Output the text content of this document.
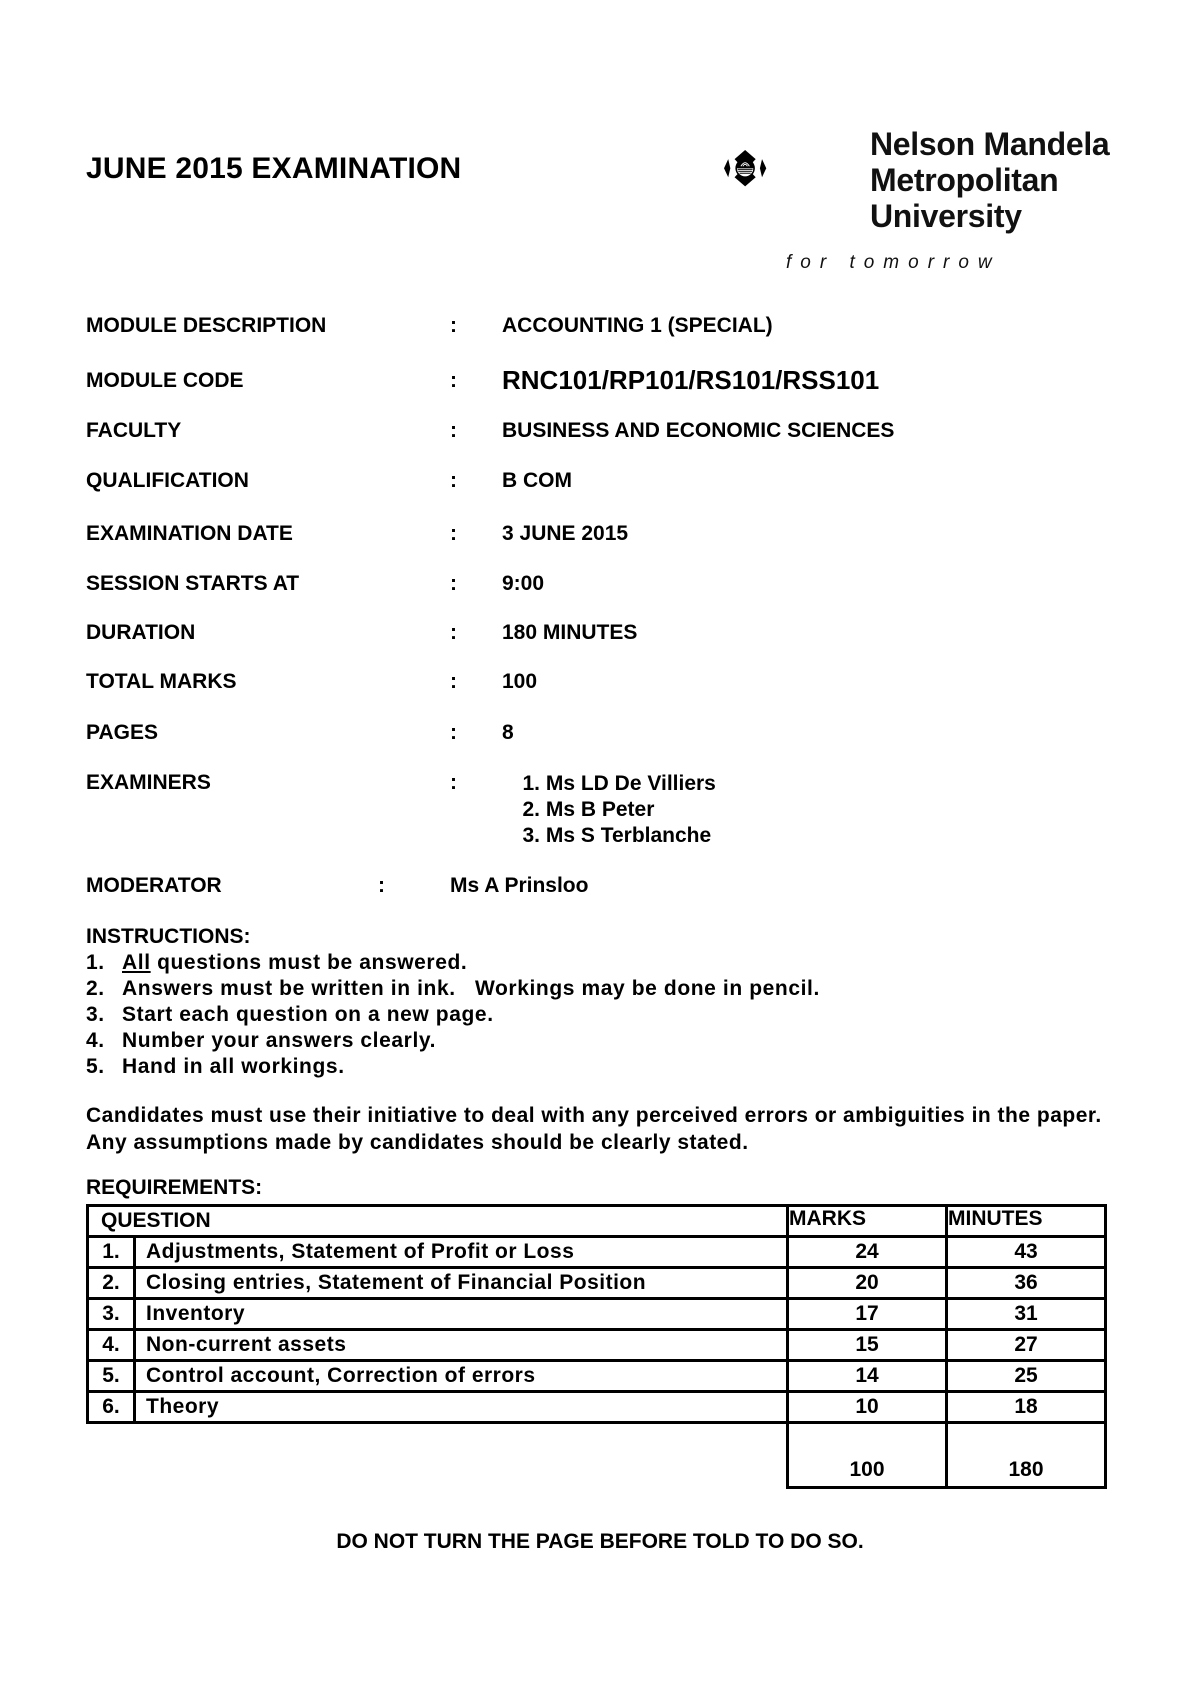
JUNE 2015 EXAMINATION
Nelson Mandela
Metropolitan
University
for tomorrow
MODULE DESCRIPTION	: ACCOUNTING 1 (SPECIAL)
MODULE CODE	: RNC101/RP101/RS101/RSS101
FACULTY	: BUSINESS AND ECONOMIC SCIENCES
QUALIFICATION	: B COM
EXAMINATION DATE	: 3 JUNE 2015
SESSION STARTS AT	: 9:00
DURATION	: 180 MINUTES
TOTAL MARKS	: 100
PAGES	: 8
EXAMINERS	:	1. Ms LD De Villiers
2. Ms B Peter
3. Ms S Terblanche
MODERATOR	:	Ms A Prinsloo
INSTRUCTIONS:
1. All questions must be answered.
2. Answers must be written in ink.   Workings may be done in pencil.
3. Start each question on a new page.
4. Number your answers clearly.
5. Hand in all workings.
Candidates must use their initiative to deal with any perceived errors or ambiguities in the paper.
Any assumptions made by candidates should be clearly stated.
REQUIREMENTS:
QUESTION		MARKS	MINUTES
1.	Adjustments, Statement of Profit or Loss	24	43
2.	Closing entries, Statement of Financial Position	20	36
3.	Inventory	17	31
4.	Non-current assets	15	27
5.	Control account, Correction of errors	14	25
6.	Theory	10	18
		100	180
DO NOT TURN THE PAGE BEFORE TOLD TO DO SO.
